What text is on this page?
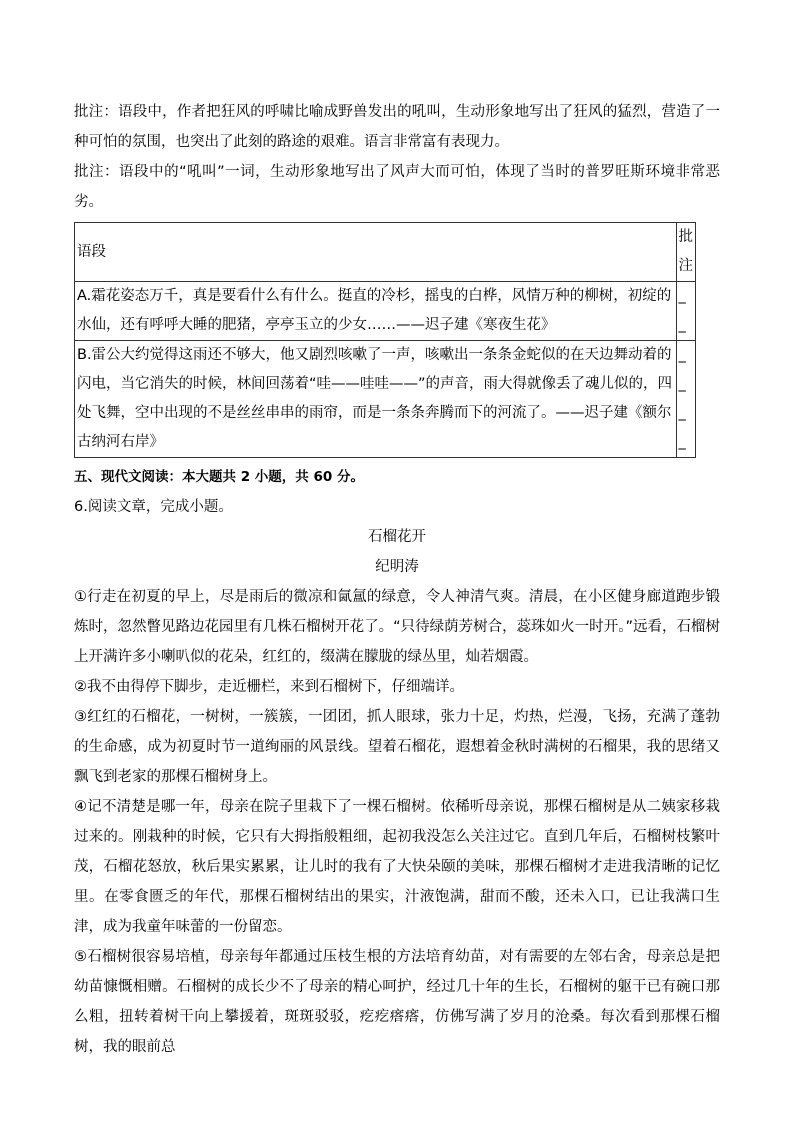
批注：语段中，作者把狂风的呼啸比喻成野兽发出的吼叫，生动形象地写出了狂风的猛烈，营造了一种可怕的氛围，也突出了此刻的路途的艰难。语言非常富有表现力。

批注：语段中的“吼叫”一词，生动形象地写出了风声大而可怕，体现了当时的普罗旺斯环境非常恶劣。

语段	批注
A.霜花姿态万千，真是要看什么有什么。挺直的冷杉，摇曳的白桦，风情万种的柳树，初绽的水仙，还有呼呼大睡的肥猪，亭亭玉立的少女……——迟子建《寒夜生花》	_
_

B.雷公大约觉得这雨还不够大，他又剧烈咳嗽了一声，咳嗽出一条条金蛇似的在天边舞动着的闪电，当它消失的时候，林间回荡着“哇——哇哇——”的声音，雨大得就像丢了魂儿似的，四处飞舞，空中出现的不是丝丝串串的雨帘，而是一条条奔腾而下的河流了。——迟子建《额尔古纳河右岸》	_
_
_
_

五、现代文阅读：本大题共 2 小题，共 60 分。

6.阅读文章，完成小题。

石榴花开

纪明涛

①行走在初夏的早上，尽是雨后的微凉和氤氲的绿意，令人神清气爽。清晨，在小区健身廊道跑步锻炼时，忽然瞥见路边花园里有几株石榴树开花了。“只待绿荫芳树合，蕊珠如火一时开。”远看，石榴树上开满许多小喇叭似的花朵，红红的，缀满在朦胧的绿丛里，灿若烟霞。

②我不由得停下脚步，走近栅栏，来到石榴树下，仔细端详。

③红红的石榴花，一树树，一簇簇，一团团，抓人眼球，张力十足，灼热，烂漫，飞扬，充满了蓬勃的生命感，成为初夏时节一道绚丽的风景线。望着石榴花，遐想着金秋时满树的石榴果，我的思绪又飘飞到老家的那棵石榴树身上。

④记不清楚是哪一年，母亲在院子里栽下了一棵石榴树。依稀听母亲说，那棵石榴树是从二姨家移栽过来的。刚栽种的时候，它只有大拇指般粗细，起初我没怎么关注过它。直到几年后，石榴树枝繁叶茂，石榴花怒放，秋后果实累累，让儿时的我有了大快朵颐的美味，那棵石榴树才走进我清晰的记忆里。在零食匮乏的年代，那棵石榴树结出的果实，汁液饱满，甜而不酸，还未入口，已让我满口生津，成为我童年味蕾的一份留恋。

⑤石榴树很容易培植，母亲每年都通过压枝生根的方法培育幼苗，对有需要的左邻右舍，母亲总是把幼苗慷慨相赠。石榴树的成长少不了母亲的精心呵护，经过几十年的生长，石榴树的躯干已有碗口那么粗，扭转着树干向上攀援着，斑斑驳驳，疙疙瘩瘩，仿佛写满了岁月的沧桑。每次看到那棵石榴树，我的眼前总
